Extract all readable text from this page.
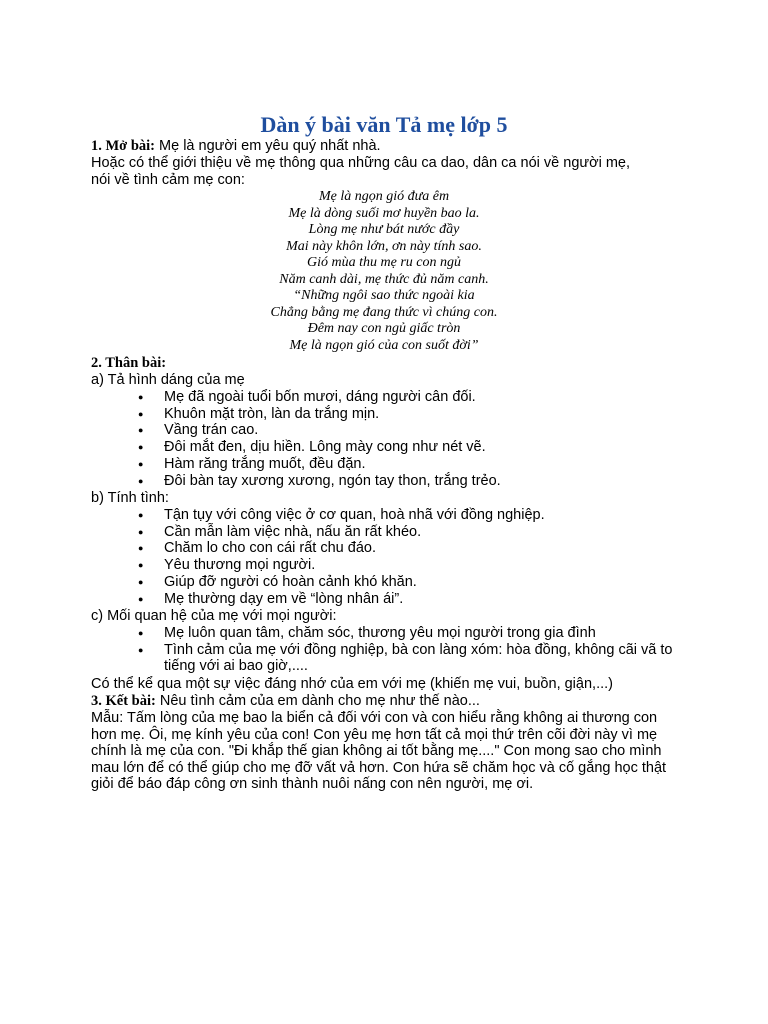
Dàn ý bài văn Tả mẹ lớp 5
1. Mở bài: Mẹ là người em yêu quý nhất nhà.
Hoặc có thể giới thiệu về mẹ thông qua những câu ca dao, dân ca nói về người mẹ,
nói về tình cảm mẹ con:
Mẹ là ngọn gió đưa êm
Mẹ là dòng suối mơ huyền bao la.
Lòng mẹ như bát nước đầy
Mai này khôn lớn, ơn này tính sao.
Gió mùa thu mẹ ru con ngủ
Năm canh dài, mẹ thức đủ năm canh.
“Những ngôi sao thức ngoài kia
Chẳng bằng mẹ đang thức vì chúng con.
Đêm nay con ngủ giấc tròn
Mẹ là ngọn gió của con suốt đời”
2. Thân bài:
a) Tả hình dáng của mẹ
● Mẹ đã ngoài tuổi bốn mươi, dáng người cân đối.
● Khuôn mặt tròn, làn da trắng mịn.
● Vầng trán cao.
● Đôi mắt đen, dịu hiền. Lông mày cong như nét vẽ.
● Hàm răng trắng muốt, đều đặn.
● Đôi bàn tay xương xương, ngón tay thon, trắng trẻo.
b) Tính tình:
● Tận tụy với công việc ở cơ quan, hoà nhã với đồng nghiệp.
● Cần mẫn làm việc nhà, nấu ăn rất khéo.
● Chăm lo cho con cái rất chu đáo.
● Yêu thương mọi người.
● Giúp đỡ người có hoàn cảnh khó khăn.
● Mẹ thường dạy em về “lòng nhân ái”.
c) Mối quan hệ của mẹ với mọi người:
● Mẹ luôn quan tâm, chăm sóc, thương yêu mọi người trong gia đình
● Tình cảm của mẹ với đồng nghiệp, bà con làng xóm: hòa đồng, không cãi vã to tiếng với ai bao giờ,....
Có thể kể qua một sự việc đáng nhớ của em với mẹ (khiến mẹ vui, buồn, giận,...)
3. Kết bài: Nêu tình cảm của em dành cho mẹ như thế nào...
Mẫu: Tấm lòng của mẹ bao la biển cả đối với con và con hiểu rằng không ai thương con hơn mẹ. Ôi, mẹ kính yêu của con! Con yêu mẹ hơn tất cả mọi thứ trên cõi đời này vì mẹ chính là mẹ của con. "Đi khắp thế gian không ai tốt bằng mẹ...." Con mong sao cho mình mau lớn để có thể giúp cho mẹ đỡ vất vả hơn. Con hứa sẽ chăm học và cố gắng học thật giỏi để báo đáp công ơn sinh thành nuôi nấng con nên người, mẹ ơi.
